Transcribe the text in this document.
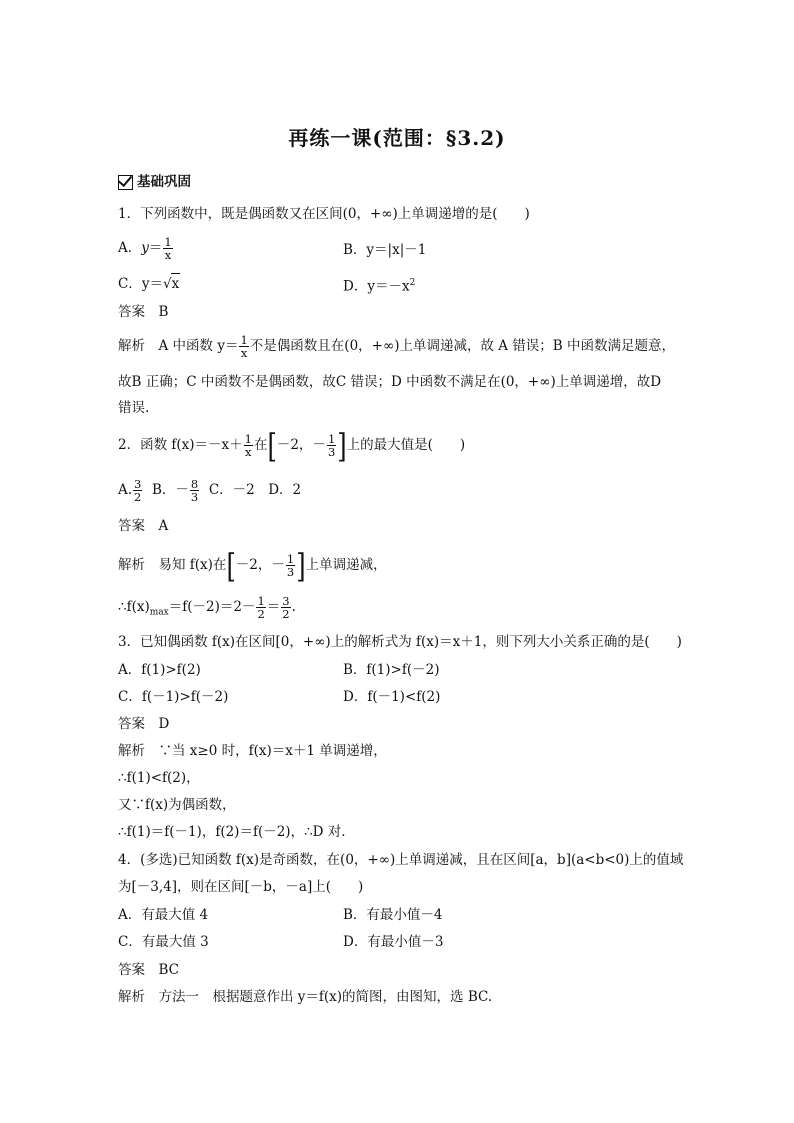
再练一课(范围：§3.2)
基础巩固
1．下列函数中，既是偶函数又在区间(0，+∞)上单调递增的是(　　)
A．$y= \frac{1}{x}$	B．y＝|x|－1
C．y＝√x	D．$y=-x^2$
答案　B
解析　A 中函数 $y= \frac{1}{x}$ 不是偶函数且在(0，+∞)上单调递减，故 A 错误；B 中函数满足题意，
故B 正确；C 中函数不是偶函数，故C 错误；D 中函数不满足在(0，+∞)上单调递增，故D
错误.
2．函数 $f(x)=-x+ \frac{1}{x}$ 在[－2，－ $\frac{1}{3}$ ]上的最大值是(　　)
A. $\frac{3}{2}$ B．－ $\frac{8}{3}$ C．－2　D．2
答案　A
解析　易知 f(x)在[－2，－ $\frac{1}{3}$ ]上单调递减，
$\therefore f(x)_{max}=f(-2)=2- \frac{1}{2} = \frac{3}{2}$ .
3．已知偶函数 f(x)在区间[0，+∞)上的解析式为 f(x)＝x＋1，则下列大小关系正确的是(　　)
A．f(1)>f(2)	B．f(1)>f(－2)
C．f(－1)>f(－2)	D．f(－1)<f(2)
答案　D
解析　∵当 x≥0 时，f(x)＝x＋1 单调递增，
∴f(1)<f(2)，
又∵f(x)为偶函数，
∴f(1)＝f(－1)，f(2)＝f(－2)，∴D 对.
4．(多选)已知函数 f(x)是奇函数，在(0，+∞)上单调递减，且在区间[a，b](a<b<0)上的值域
为[－3,4]，则在区间[－b，－a]上(　　)
A．有最大值 4	B．有最小值－4
C．有最大值 3	D．有最小值－3
答案　BC
解析　方法一　根据题意作出 y＝f(x)的简图，由图知，选 BC.
